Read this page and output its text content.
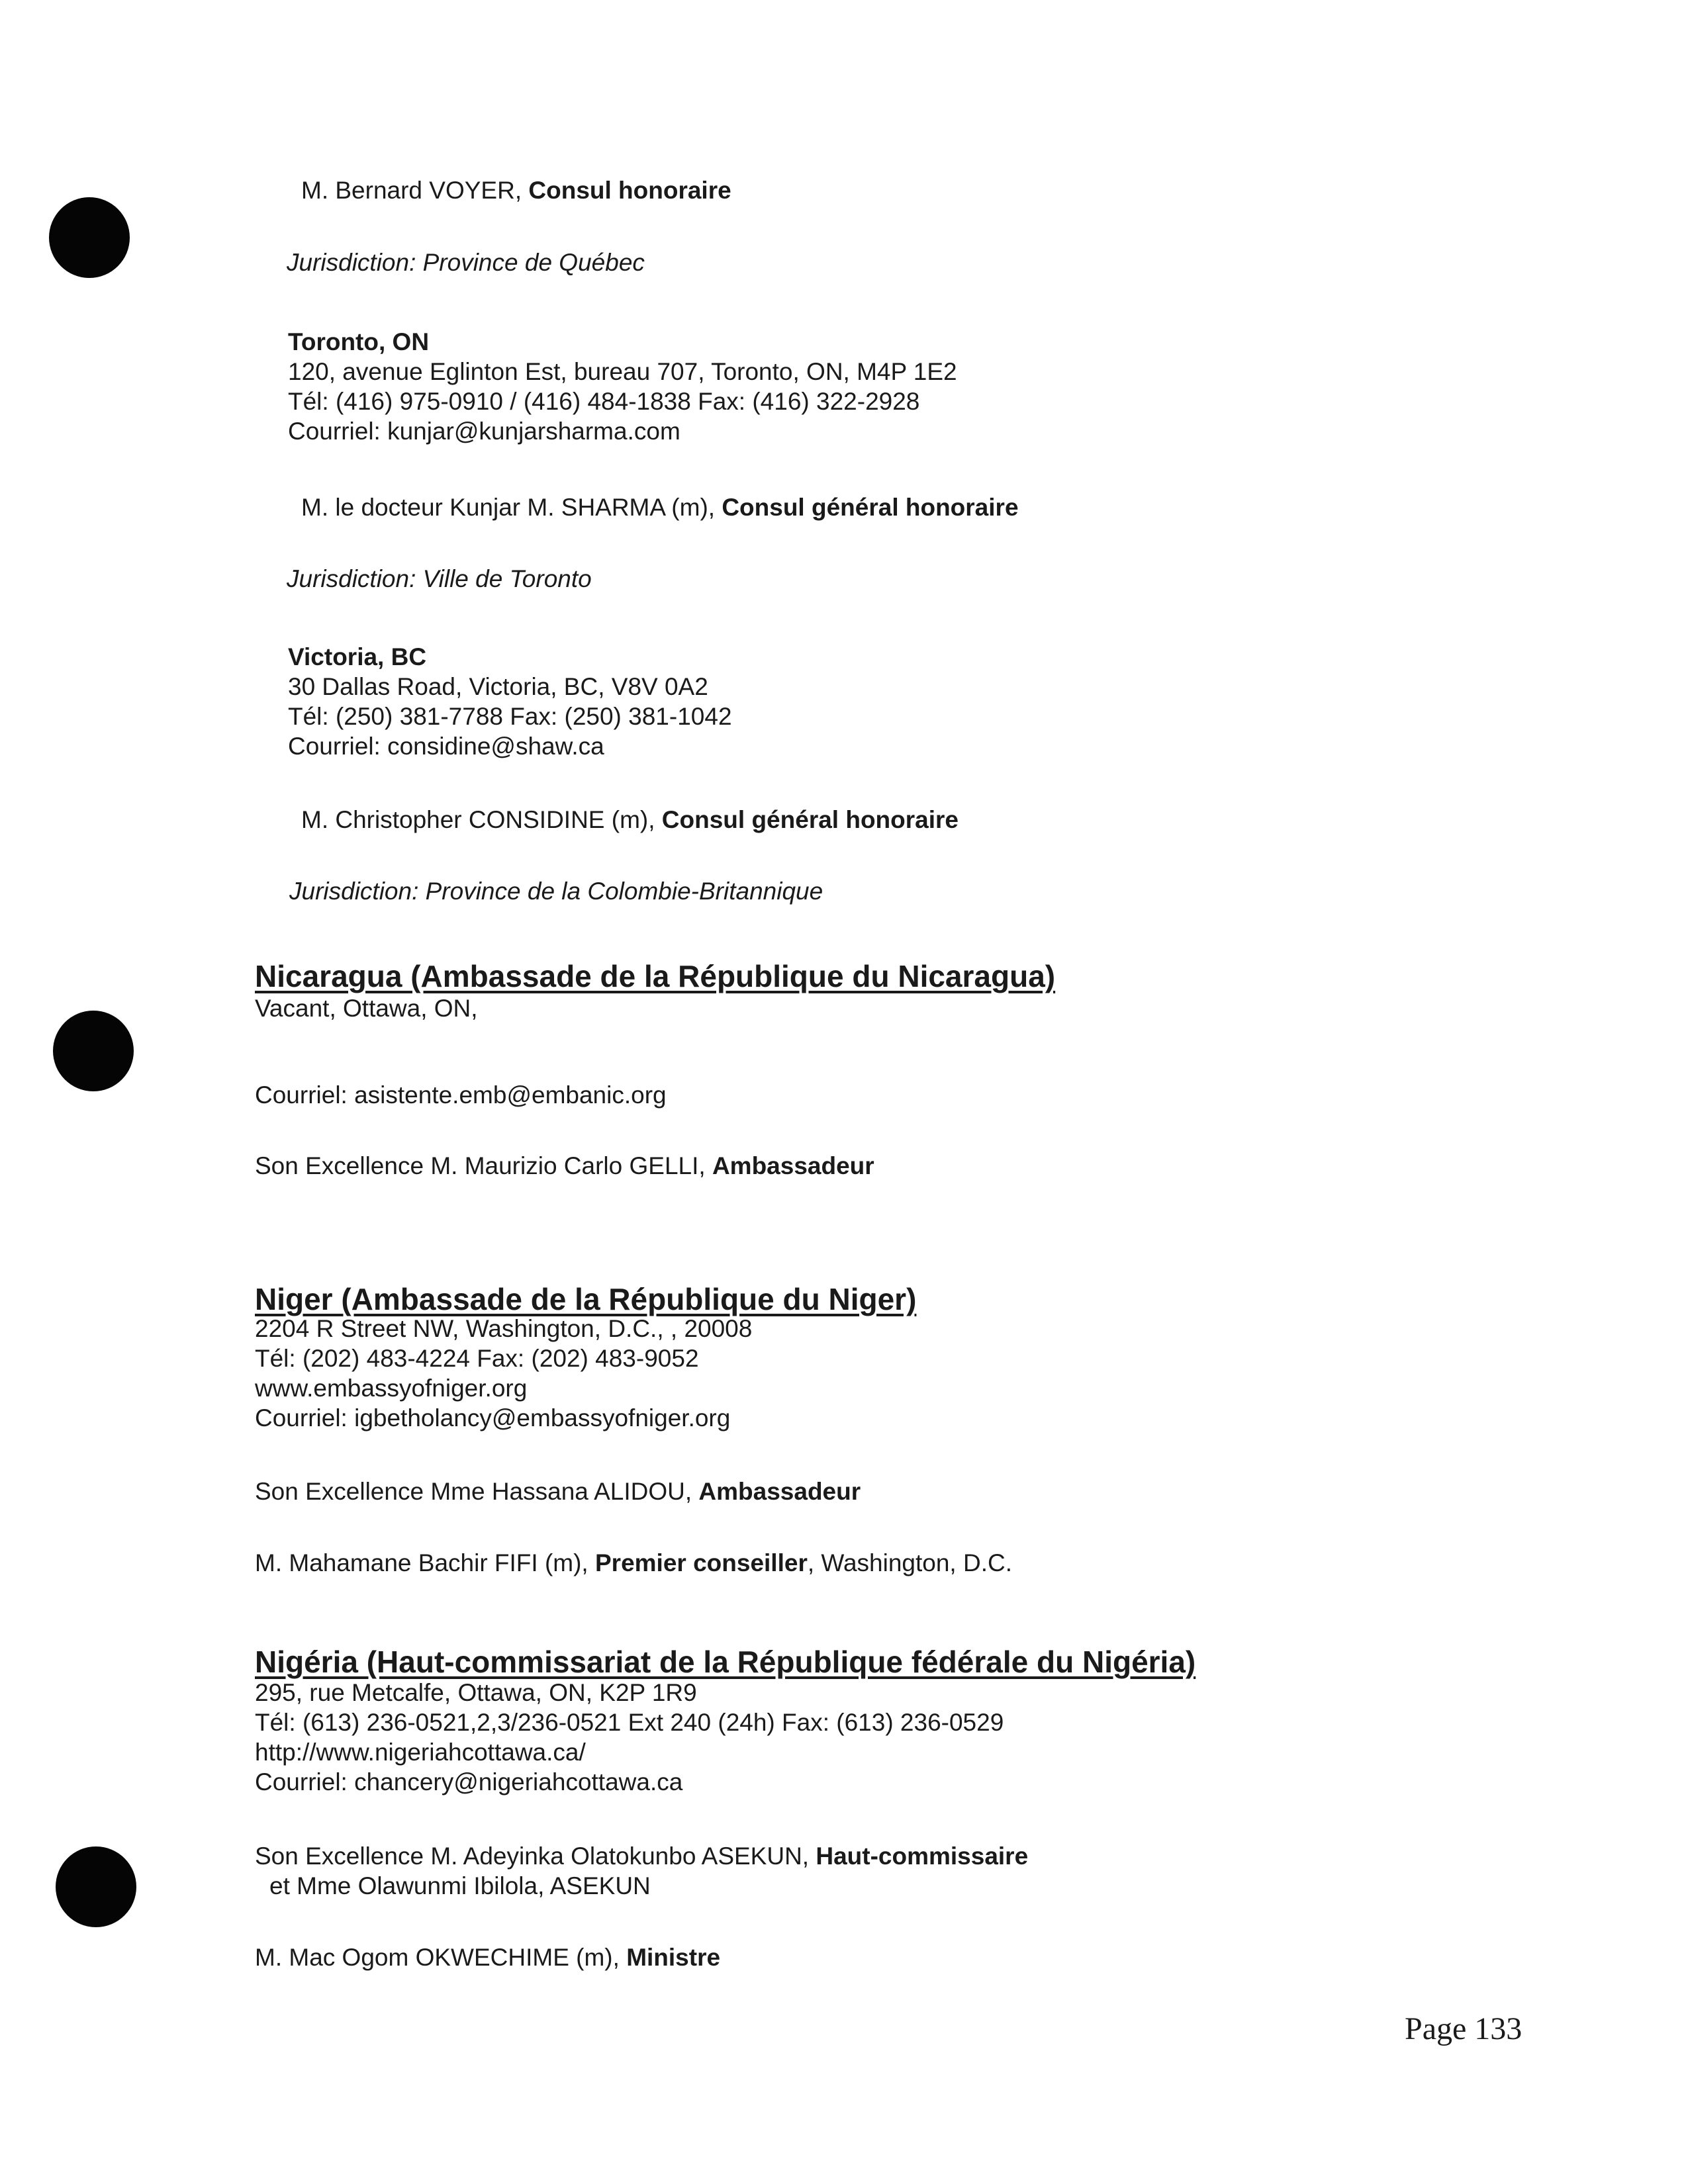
M. Bernard VOYER, Consul honoraire
Jurisdiction: Province de Québec
Toronto, ON
120, avenue Eglinton Est, bureau 707, Toronto, ON, M4P 1E2
Tél: (416) 975-0910 / (416) 484-1838 Fax: (416) 322-2928
Courriel: kunjar@kunjarsharma.com
M. le docteur Kunjar M. SHARMA (m), Consul général honoraire
Jurisdiction: Ville de Toronto
Victoria, BC
30 Dallas Road, Victoria, BC, V8V 0A2
Tél: (250) 381-7788 Fax: (250) 381-1042
Courriel: considine@shaw.ca
M. Christopher CONSIDINE (m), Consul général honoraire
Jurisdiction: Province de la Colombie-Britannique
Nicaragua (Ambassade de la République du Nicaragua)
Vacant, Ottawa, ON,
Courriel: asistente.emb@embanic.org
Son Excellence M. Maurizio Carlo GELLI, Ambassadeur
Niger (Ambassade de la République du Niger)
2204 R Street NW, Washington, D.C., , 20008
Tél: (202) 483-4224 Fax: (202) 483-9052
www.embassyofniger.org
Courriel: igbetholancy@embassyofniger.org
Son Excellence Mme Hassana ALIDOU, Ambassadeur
M. Mahamane Bachir FIFI (m), Premier conseiller, Washington, D.C.
Nigéria (Haut-commissariat de la République fédérale du Nigéria)
295, rue Metcalfe, Ottawa, ON, K2P 1R9
Tél: (613) 236-0521,2,3/236-0521 Ext 240 (24h) Fax: (613) 236-0529
http://www.nigeriahcottawa.ca/
Courriel: chancery@nigeriahcottawa.ca
Son Excellence M. Adeyinka Olatokunbo ASEKUN, Haut-commissaire
et Mme Olawunmi Ibilola, ASEKUN
M. Mac Ogom OKWECHIME (m), Ministre
Page 133
